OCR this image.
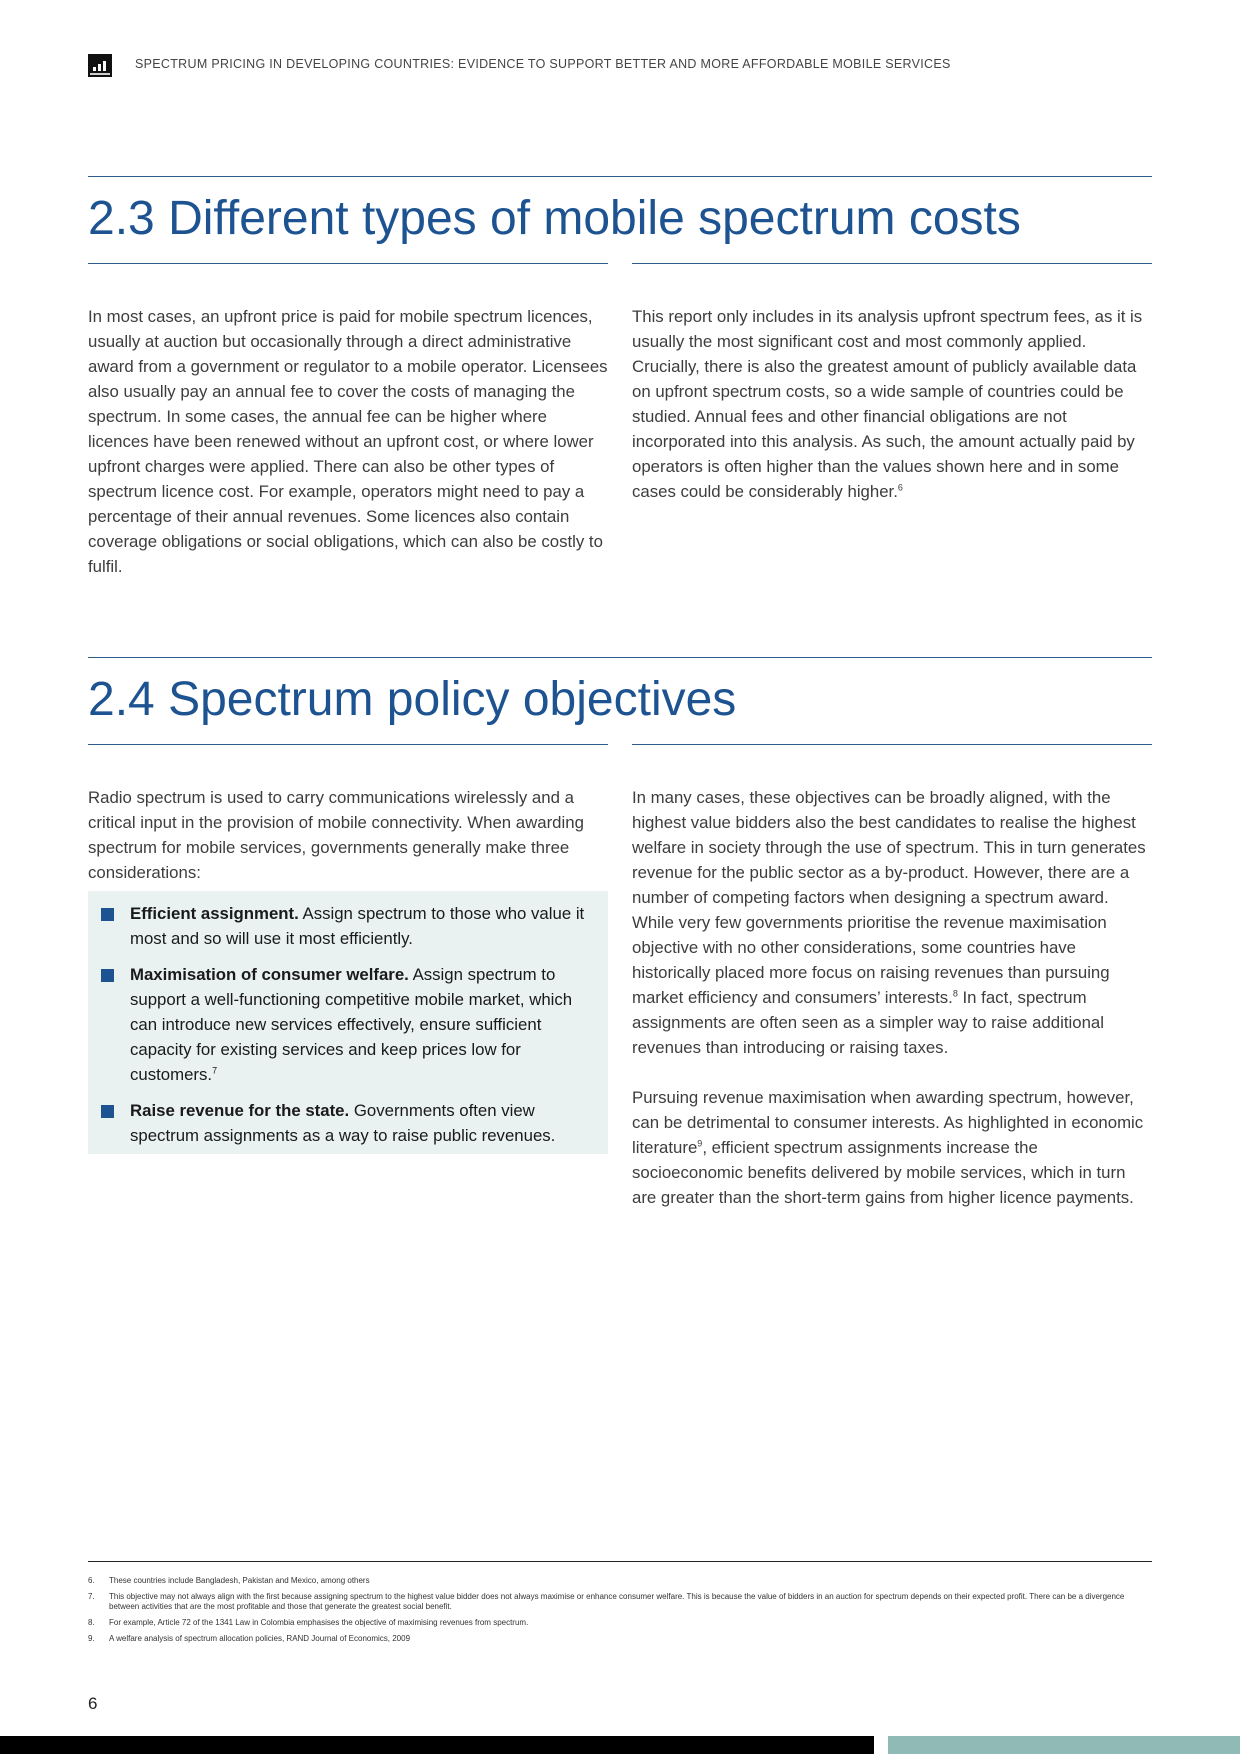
SPECTRUM PRICING IN DEVELOPING COUNTRIES: EVIDENCE TO SUPPORT BETTER AND MORE AFFORDABLE MOBILE SERVICES
2.3 Different types of mobile spectrum costs

In most cases, an upfront price is paid for mobile spectrum licences, usually at auction but occasionally through a direct administrative award from a government or regulator to a mobile operator. Licensees also usually pay an annual fee to cover the costs of managing the spectrum. In some cases, the annual fee can be higher where licences have been renewed without an upfront cost, or where lower upfront charges were applied. There can also be other types of spectrum licence cost. For example, operators might need to pay a percentage of their annual revenues. Some licences also contain coverage obligations or social obligations, which can also be costly to fulfil.

This report only includes in its analysis upfront spectrum fees, as it is usually the most significant cost and most commonly applied. Crucially, there is also the greatest amount of publicly available data on upfront spectrum costs, so a wide sample of countries could be studied. Annual fees and other financial obligations are not incorporated into this analysis. As such, the amount actually paid by operators is often higher than the values shown here and in some cases could be considerably higher.$^6$

2.4 Spectrum policy objectives

Radio spectrum is used to carry communications wirelessly and a critical input in the provision of mobile connectivity. When awarding spectrum for mobile services, governments generally make three considerations:

Efficient assignment. Assign spectrum to those who value it most and so will use it most efficiently.
Maximisation of consumer welfare. Assign spectrum to support a well-functioning competitive mobile market, which can introduce new services effectively, ensure sufficient capacity for existing services and keep prices low for customers.$^7$
Raise revenue for the state. Governments often view spectrum assignments as a way to raise public revenues.

In many cases, these objectives can be broadly aligned, with the highest value bidders also the best candidates to realise the highest welfare in society through the use of spectrum. This in turn generates revenue for the public sector as a by-product. However, there are a number of competing factors when designing a spectrum award. While very few governments prioritise the revenue maximisation objective with no other considerations, some countries have historically placed more focus on raising revenues than pursuing market efficiency and consumers’ interests.$^8$ In fact, spectrum assignments are often seen as a simpler way to raise additional revenues than introducing or raising taxes.

Pursuing revenue maximisation when awarding spectrum, however, can be detrimental to consumer interests. As highlighted in economic literature$^9$, efficient spectrum assignments increase the socioeconomic benefits delivered by mobile services, which in turn are greater than the short-term gains from higher licence payments.

6. These countries include Bangladesh, Pakistan and Mexico, among others
7. This objective may not always align with the first because assigning spectrum to the highest value bidder does not always maximise or enhance consumer welfare. This is because the value of bidders in an auction for spectrum depends on their expected profit. There can be a divergence between activities that are the most profitable and those that generate the greatest social benefit.
8. For example, Article 72 of the 1341 Law in Colombia emphasises the objective of maximising revenues from spectrum.
9. A welfare analysis of spectrum allocation policies, RAND Journal of Economics, 2009
6
